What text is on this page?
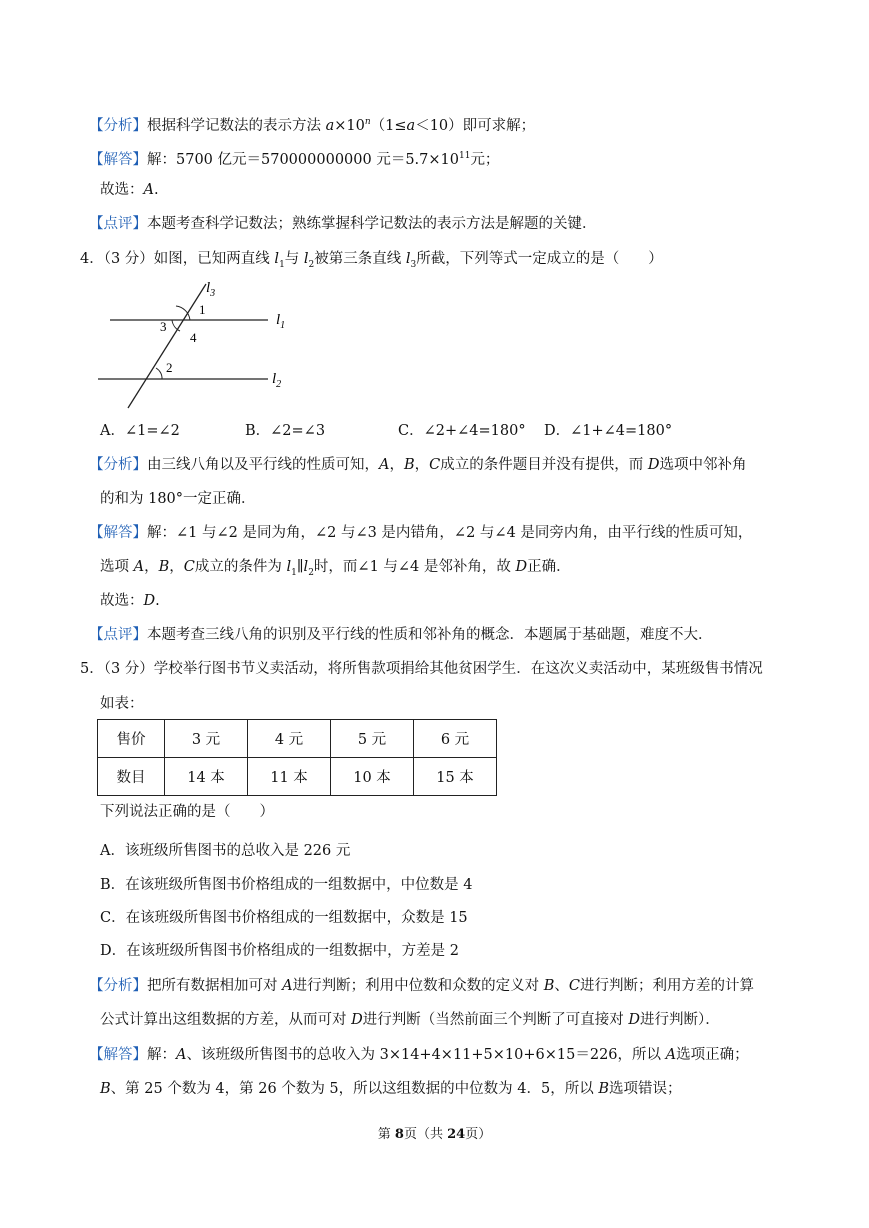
【分析】根据科学记数法的表示方法 $a\times 10^n(1\le a<10)$即可求解；
【解答】解：5700 亿元＝570000000000 元$=5.7\times 10^{11}$元；
故选：A.
【点评】本题考查科学记数法；熟练掌握科学记数法的表示方法是解题的关键．
4．（3 分）如图，已知两直线 $l_1$与 $l_2$被第三条直线 $l_3$所截，下列等式一定成立的是（　　）
$l_3$
$l_1$
$l_2$
1
3
4
2
A．∠1=∠2	B．∠2=∠3	C．∠2+∠4=180° D．∠1+∠4=180°
【分析】由三线八角以及平行线的性质可知，A，B，C成立的条件题目并没有提供，而 D选项中邻补角
的和为 180°一定正确．
【解答】解：∠1 与∠2 是同为角，∠2 与∠3 是内错角，∠2 与∠4 是同旁内角，由平行线的性质可知，
选项 A，B，C成立的条件为 $l_1\parallel l_2$时，而∠1 与∠4 是邻补角，故 D正确．
故选：D.
【点评】本题考查三线八角的识别及平行线的性质和邻补角的概念．本题属于基础题，难度不大．
5．（3 分）学校举行图书节义卖活动，将所售款项捐给其他贫困学生．在这次义卖活动中，某班级售书情况
如表：
售价	3 元	4 元	5 元	6 元
数目	14 本	11 本	10 本	15 本
下列说法正确的是（　　）
A．该班级所售图书的总收入是 226 元
B．在该班级所售图书价格组成的一组数据中，中位数是 4
C．在该班级所售图书价格组成的一组数据中，众数是 15
D．在该班级所售图书价格组成的一组数据中，方差是 2
【分析】把所有数据相加可对 A进行判断；利用中位数和众数的定义对 B、C进行判断；利用方差的计算
公式计算出这组数据的方差，从而可对 D进行判断（当然前面三个判断了可直接对 D进行判断）．
【解答】解：A、该班级所售图书的总收入为 3×14+4×11+5×10+6×15＝226，所以 A选项正确；
B、第 25 个数为 4，第 26 个数为 5，所以这组数据的中位数为 4．5，所以 B选项错误；
第 8页（共 24页）
